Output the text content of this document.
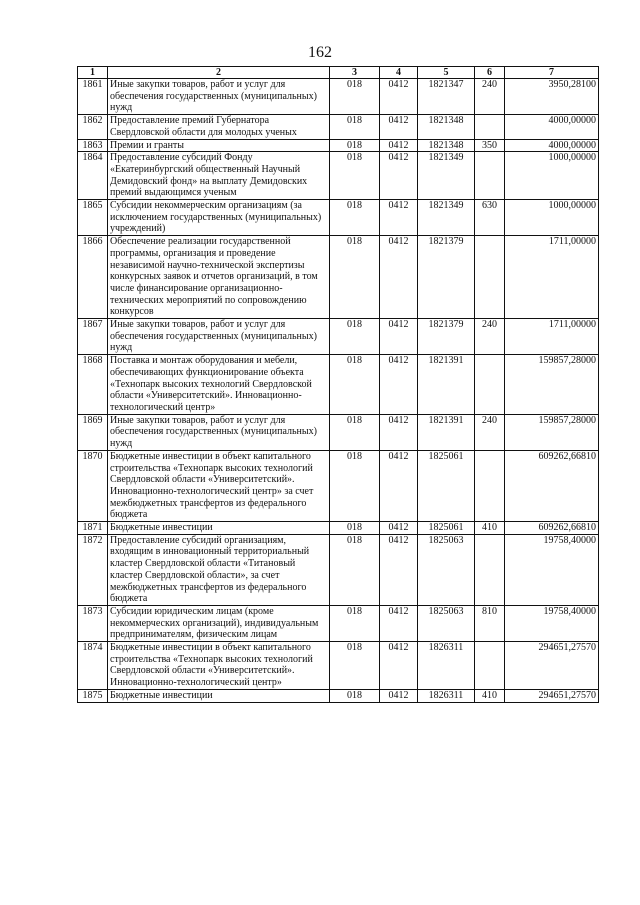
162
1	2	3	4	5	6	7
1861	Иные закупки товаров, работ и услуг для обеспечения государственных (муниципальных) нужд	018	0412	1821347	240	3950,28100
1862	Предоставление премий Губернатора Свердловской области для молодых ученых	018	0412	1821348		4000,00000
1863	Премии и гранты	018	0412	1821348	350	4000,00000
1864	Предоставление субсидий Фонду «Екатеринбургский общественный Научный Демидовский фонд» на выплату Демидовских премий выдающимся ученым	018	0412	1821349		1000,00000
1865	Субсидии некоммерческим организациям (за исключением государственных (муниципальных) учреждений)	018	0412	1821349	630	1000,00000
1866	Обеспечение реализации государственной программы, организация и проведение независимой научно-технической экспертизы конкурсных заявок и отчетов организаций, в том числе финансирование организационно-технических мероприятий по сопровождению конкурсов	018	0412	1821379		1711,00000
1867	Иные закупки товаров, работ и услуг для обеспечения государственных (муниципальных) нужд	018	0412	1821379	240	1711,00000
1868	Поставка и монтаж оборудования и мебели, обеспечивающих функционирование объекта «Технопарк высоких технологий Свердловской области «Университетский». Инновационно-технологический центр»	018	0412	1821391		159857,28000
1869	Иные закупки товаров, работ и услуг для обеспечения государственных (муниципальных) нужд	018	0412	1821391	240	159857,28000
1870	Бюджетные инвестиции в объект капитального строительства «Технопарк высоких технологий Свердловской области «Университетский». Инновационно-технологический центр» за счет межбюджетных трансфертов из федерального бюджета	018	0412	1825061		609262,66810
1871	Бюджетные инвестиции	018	0412	1825061	410	609262,66810
1872	Предоставление субсидий организациям, входящим в инновационный территориальный кластер Свердловской области «Титановый кластер Свердловской области», за счет межбюджетных трансфертов из федерального бюджета	018	0412	1825063		19758,40000
1873	Субсидии юридическим лицам (кроме некоммерческих организаций), индивидуальным предпринимателям, физическим лицам	018	0412	1825063	810	19758,40000
1874	Бюджетные инвестиции в объект капитального строительства «Технопарк высоких технологий Свердловской области «Университетский». Инновационно-технологический центр»	018	0412	1826311		294651,27570
1875	Бюджетные инвестиции	018	0412	1826311	410	294651,27570
